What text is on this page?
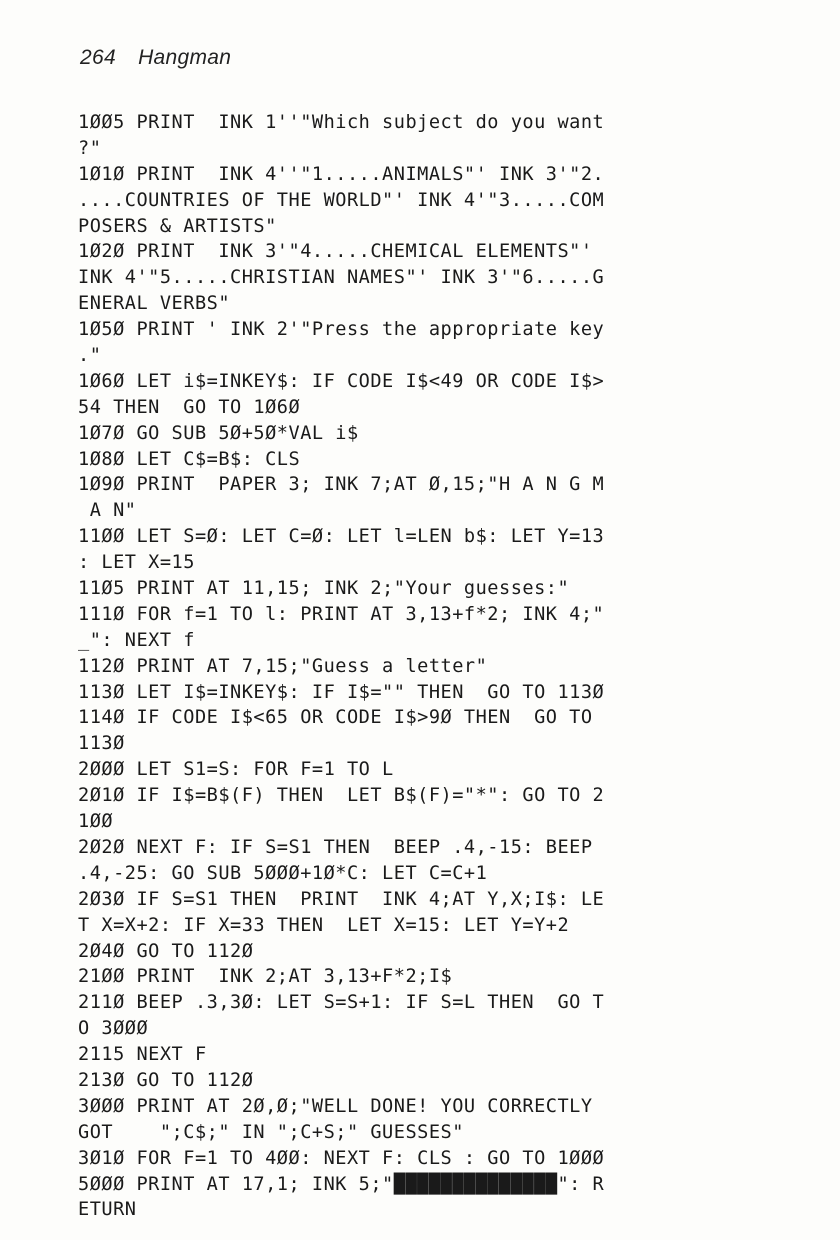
264 Hangman
1ØØ5 PRINT  INK 1''"Which subject do you want
?"
1Ø1Ø PRINT  INK 4''"1.....ANIMALS"' INK 3'"2.
....COUNTRIES OF THE WORLD"' INK 4'"3.....COM
POSERS & ARTISTS"
1Ø2Ø PRINT  INK 3'"4.....CHEMICAL ELEMENTS"'
INK 4'"5.....CHRISTIAN NAMES"' INK 3'"6.....G
ENERAL VERBS"
1Ø5Ø PRINT ' INK 2'"Press the appropriate key
."
1Ø6Ø LET i$=INKEY$: IF CODE I$<49 OR CODE I$>
54 THEN  GO TO 1Ø6Ø
1Ø7Ø GO SUB 5Ø+5Ø*VAL i$
1Ø8Ø LET C$=B$: CLS
1Ø9Ø PRINT  PAPER 3; INK 7;AT Ø,15;"H A N G M
A N"
11ØØ LET S=Ø: LET C=Ø: LET l=LEN b$: LET Y=13
: LET X=15
11Ø5 PRINT AT 11,15; INK 2;"Your guesses:"
111Ø FOR f=1 TO l: PRINT AT 3,13+f*2; INK 4;"
_": NEXT f
112Ø PRINT AT 7,15;"Guess a letter"
113Ø LET I$=INKEY$: IF I$="" THEN  GO TO 113Ø
114Ø IF CODE I$<65 OR CODE I$>9Ø THEN  GO TO
113Ø
2ØØØ LET S1=S: FOR F=1 TO L
2Ø1Ø IF I$=B$(F) THEN  LET B$(F)="*": GO TO 2
1ØØ
2Ø2Ø NEXT F: IF S=S1 THEN  BEEP .4,-15: BEEP
.4,-25: GO SUB 5ØØØ+1Ø*C: LET C=C+1
2Ø3Ø IF S=S1 THEN  PRINT  INK 4;AT Y,X;I$: LE
T X=X+2: IF X=33 THEN  LET X=15: LET Y=Y+2
2Ø4Ø GO TO 112Ø
21ØØ PRINT  INK 2;AT 3,13+F*2;I$
211Ø BEEP .3,3Ø: LET S=S+1: IF S=L THEN  GO T
O 3ØØØ
2115 NEXT F
213Ø GO TO 112Ø
3ØØØ PRINT AT 2Ø,Ø;"WELL DONE! YOU CORRECTLY
GOT    ";C$;" IN ";C+S;" GUESSES"
3Ø1Ø FOR F=1 TO 4ØØ: NEXT F: CLS : GO TO 1ØØØ
5ØØØ PRINT AT 17,1; INK 5;"██████████████": R
ETURN
